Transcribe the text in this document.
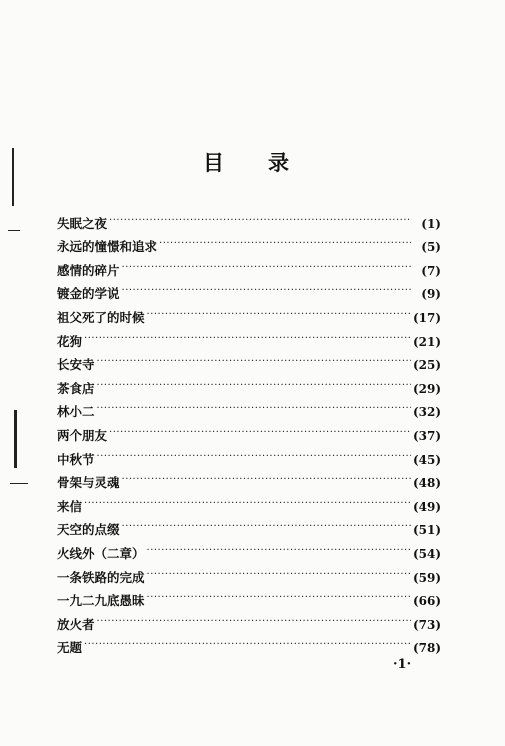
目 录
失眠之夜 ·····	(1)
永远的憧憬和追求 ·····	(5)
感情的碎片 ·····	(7)
镀金的学说 ·····	(9)
祖父死了的时候 ·····	(17)
花狗 ·····	(21)
长安寺 ·····	(25)
茶食店 ·····	(29)
林小二 ·····	(32)
两个朋友 ·····	(37)
中秋节 ·····	(45)
骨架与灵魂 ·····	(48)
来信 ·····	(49)
天空的点缀 ·····	(51)
火线外（二章） ·····	(54)
一条铁路的完成 ·····	(59)
一九二九底愚昧 ·····	(66)
放火者 ·····	(73)
无题 ·····	(78)
·1·
